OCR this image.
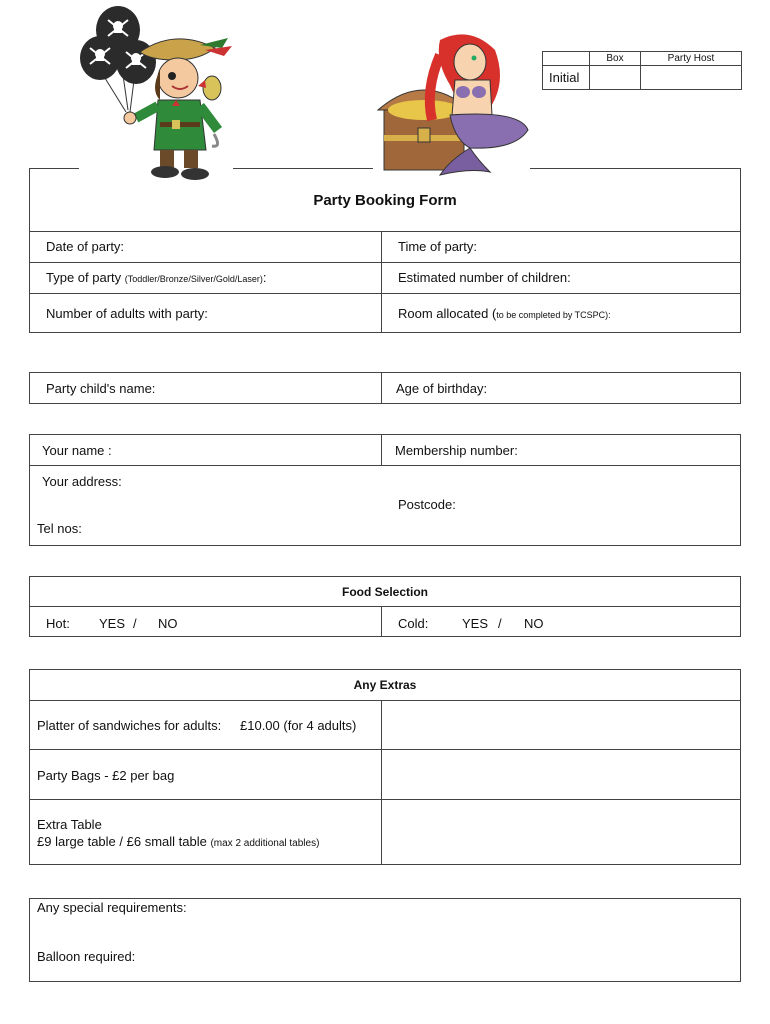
	Box	Party Host
Initial		
Party Booking Form
Date of party:	Time of party:
Type of party (Toddler/Bronze/Silver/Gold/Laser):	Estimated number of children:
Number of adults with party:	Room allocated (to be completed by TCSPC):
Party child's name:	Age of birthday:
Your name :	Membership number:
Your address:
Postcode:
Tel nos:
Food Selection
Hot: YES / NO	Cold:	YES / NO
Any Extras
Platter of sandwiches for adults: £10.00 (for 4 adults)
Party Bags - £2 per bag
Extra Table
£9 large table / £6 small table (max 2 additional tables)
Any special requirements:
Balloon required:
